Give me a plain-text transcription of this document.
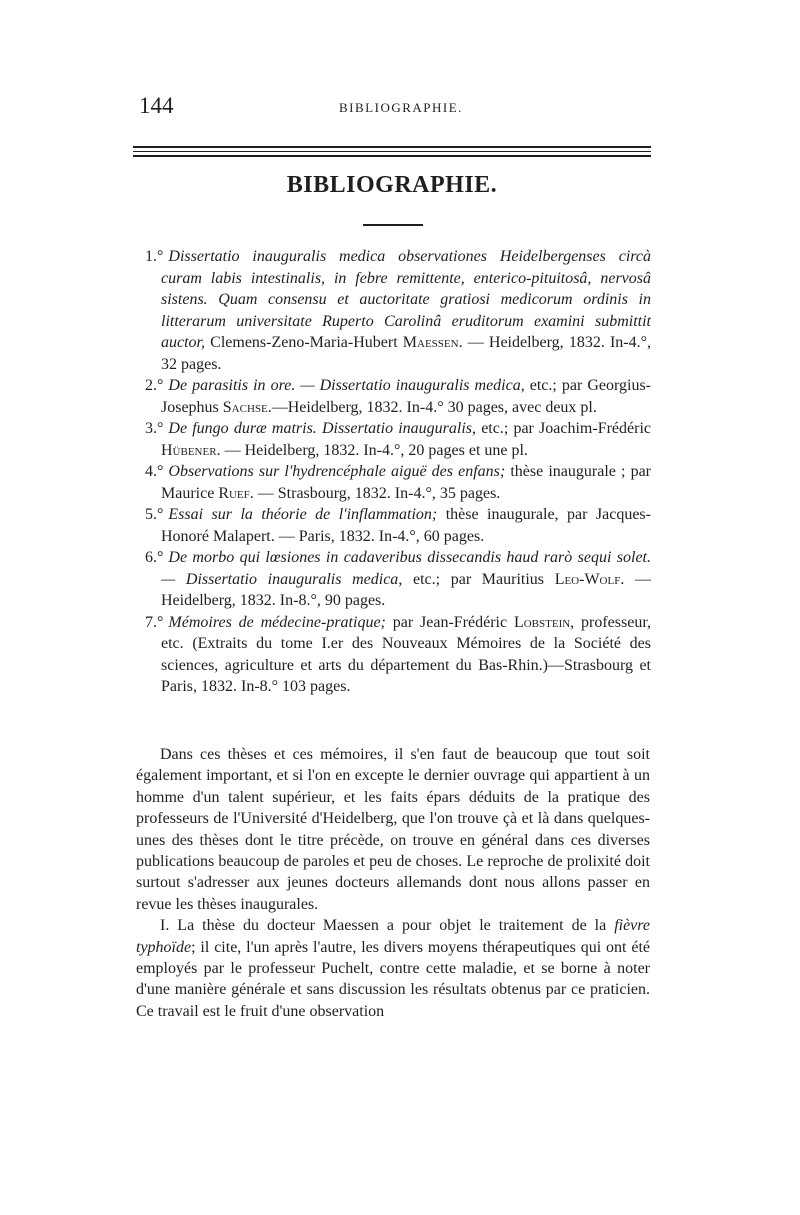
144	BIBLIOGRAPHIE.
BIBLIOGRAPHIE.
1.° Dissertatio inauguralis medica observationes Heidelbergenses circà curam labis intestinalis, in febre remittente, enterico-pituitosâ, nervosâ sistens. Quam consensu et auctoritate gratiosi medicorum ordinis in litterarum universitate Ruperto Carolinâ eruditorum examini submittit auctor, Clemens-Zeno-Maria-Hubert Maessen. — Heidelberg, 1832. In-4.°, 32 pages.
2.° De parasitis in ore. — Dissertatio inauguralis medica, etc.; par Georgius-Josephus Sachse.—Heidelberg, 1832. In-4.° 30 pages, avec deux pl.
3.° De fungo duræ matris. Dissertatio inauguralis, etc.; par Joachim-Frédéric Hübener. — Heidelberg, 1832. In-4.°, 20 pages et une pl.
4.° Observations sur l'hydrencéphale aiguë des enfans; thèse inaugurale ; par Maurice Ruef. — Strasbourg, 1832. In-4.°, 35 pages.
5.° Essai sur la théorie de l'inflammation; thèse inaugurale, par Jacques-Honoré Malapert. — Paris, 1832. In-4.°, 60 pages.
6.° De morbo qui lœsiones in cadaveribus dissecandis haud rarò sequi solet. — Dissertatio inauguralis medica, etc.; par Mauritius Leo-Wolf. — Heidelberg, 1832. In-8.°, 90 pages.
7.° Mémoires de médecine-pratique; par Jean-Frédéric Lobstein, professeur, etc. (Extraits du tome I.er des Nouveaux Mémoires de la Société des sciences, agriculture et arts du département du Bas-Rhin.)—Strasbourg et Paris, 1832. In-8.° 103 pages.

Dans ces thèses et ces mémoires, il s'en faut de beaucoup que tout soit également important, et si l'on en excepte le dernier ouvrage qui appartient à un homme d'un talent supérieur, et les faits épars déduits de la pratique des professeurs de l'Université d'Heidelberg, que l'on trouve çà et là dans quelques-unes des thèses dont le titre précède, on trouve en général dans ces diverses publications beaucoup de paroles et peu de choses. Le reproche de prolixité doit surtout s'adresser aux jeunes docteurs allemands dont nous allons passer en revue les thèses inaugurales.

I. La thèse du docteur Maessen a pour objet le traitement de la fièvre typhoïde; il cite, l'un après l'autre, les divers moyens thérapeutiques qui ont été employés par le professeur Puchelt, contre cette maladie, et se borne à noter d'une manière générale et sans discussion les résultats obtenus par ce praticien. Ce travail est le fruit d'une observation
